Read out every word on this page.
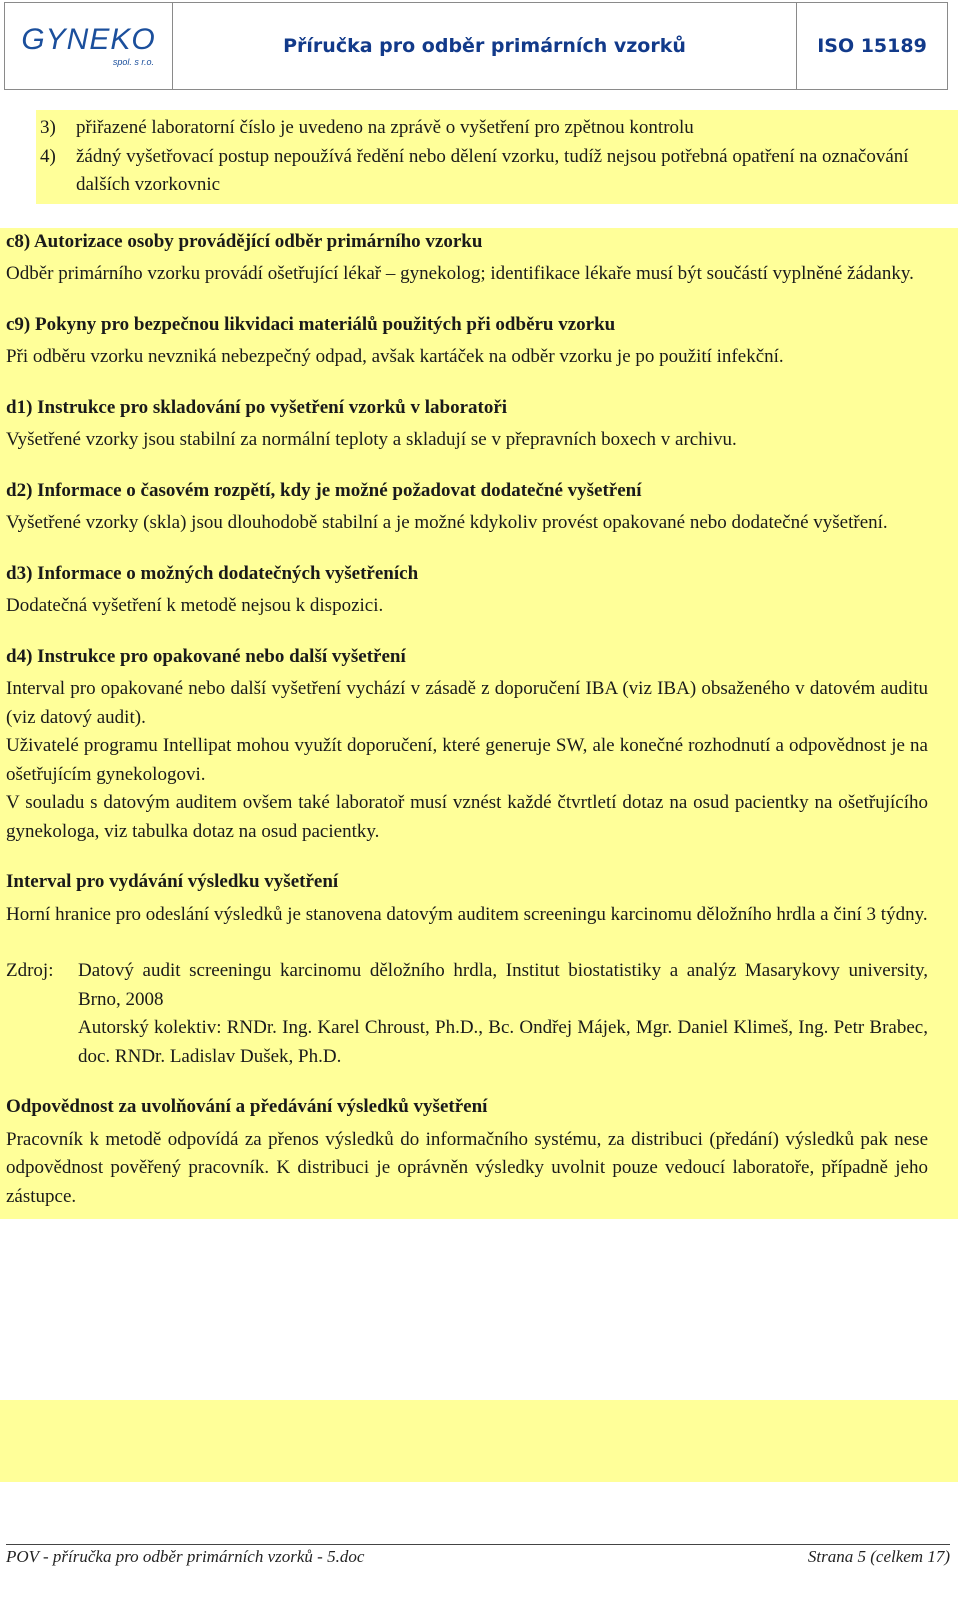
GYNEKO
spol. s r.o.
Příručka pro odběr primárních vzorků	ISO 15189
3)	přiřazené laboratorní číslo je uvedeno na zprávě o vyšetření pro zpětnou kontrolu
4)	žádný vyšetřovací postup nepoužívá ředění nebo dělení vzorku, tudíž nejsou potřebná opatření na označování dalších vzorkovnic
c8) Autorizace osoby provádějící odběr primárního vzorku
Odběr primárního vzorku provádí ošetřující lékař – gynekolog; identifikace lékaře musí být součástí vyplněné žádanky.
c9) Pokyny pro bezpečnou likvidaci materiálů použitých při odběru vzorku
Při odběru vzorku nevzniká nebezpečný odpad, avšak kartáček na odběr vzorku je po použití infekční.
d1) Instrukce pro skladování po vyšetření vzorků v laboratoři
Vyšetřené vzorky jsou stabilní za normální teploty a skladují se v přepravních boxech v archivu.
d2) Informace o časovém rozpětí, kdy je možné požadovat dodatečné vyšetření
Vyšetřené vzorky (skla) jsou dlouhodobě stabilní a je možné kdykoliv provést opakované nebo dodatečné vyšetření.
d3) Informace o možných dodatečných vyšetřeních
Dodatečná vyšetření k metodě nejsou k dispozici.
d4) Instrukce pro opakované nebo další vyšetření
Interval pro opakované nebo další vyšetření vychází v zásadě z doporučení IBA (viz IBA) obsaženého v datovém auditu (viz datový audit).
Uživatelé programu Intellipat mohou využít doporučení, které generuje SW, ale konečné rozhodnutí a odpovědnost je na ošetřujícím gynekologovi.
V souladu s datovým auditem ovšem také laboratoř musí vznést každé čtvrtletí dotaz na osud pacientky na ošetřujícího gynekologa, viz tabulka dotaz na osud pacientky.
Interval pro vydávání výsledku vyšetření
Horní hranice pro odeslání výsledků je stanovena datovým auditem screeningu karcinomu děložního hrdla a činí 3 týdny.
Zdroj:	Datový audit screeningu karcinomu děložního hrdla, Institut biostatistiky a analýz Masarykovy university, Brno, 2008
Autorský kolektiv: RNDr. Ing. Karel Chroust, Ph.D., Bc. Ondřej Májek, Mgr. Daniel Klimeš, Ing. Petr Brabec, doc. RNDr. Ladislav Dušek, Ph.D.
Odpovědnost za uvolňování a předávání výsledků vyšetření
Pracovník k metodě odpovídá za přenos výsledků do informačního systému, za distribuci (předání) výsledků pak nese odpovědnost pověřený pracovník. K distribuci je oprávněn výsledky uvolnit pouze vedoucí laboratoře, případně jeho zástupce.
POV - příručka pro odběr primárních vzorků - 5.doc	Strana 5 (celkem 17)
